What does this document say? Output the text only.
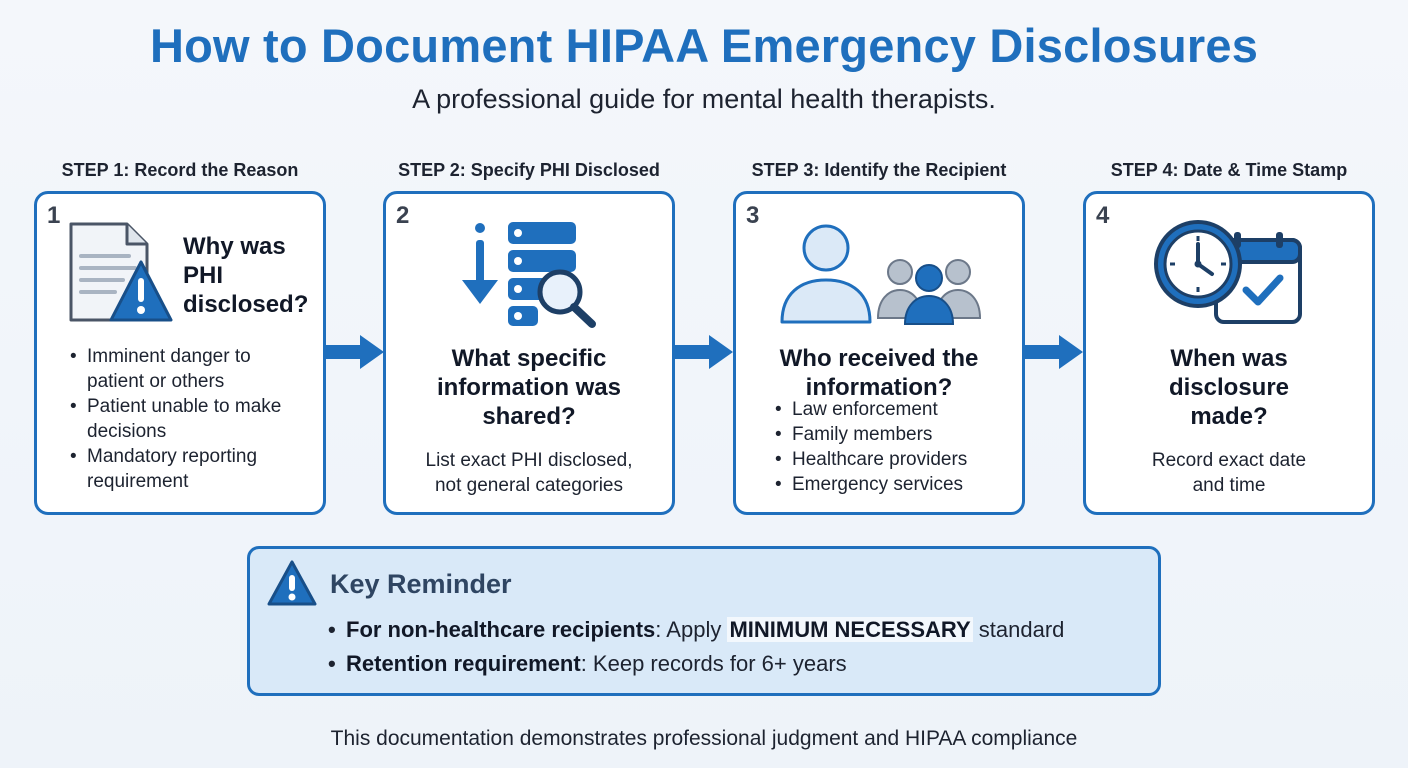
How to Document HIPAA Emergency Disclosures
A professional guide for mental health therapists.
STEP 1: Record the Reason	STEP 2: Specify PHI Disclosed	STEP 3: Identify the Recipient	STEP 4: Date & Time Stamp
1
Why was
PHI
disclosed?
• Imminent danger to
patient or others
• Patient unable to make
decisions
• Mandatory reporting
requirement
2
What specific
information was
shared?
List exact PHI disclosed,
not general categories
3
Who received the
information?
• Law enforcement
• Family members
• Healthcare providers
• Emergency services
4
When was
disclosure
made?
Record exact date
and time
Key Reminder
• For non-healthcare recipients: Apply MINIMUM NECESSARY standard
• Retention requirement: Keep records for 6+ years
This documentation demonstrates professional judgment and HIPAA compliance
